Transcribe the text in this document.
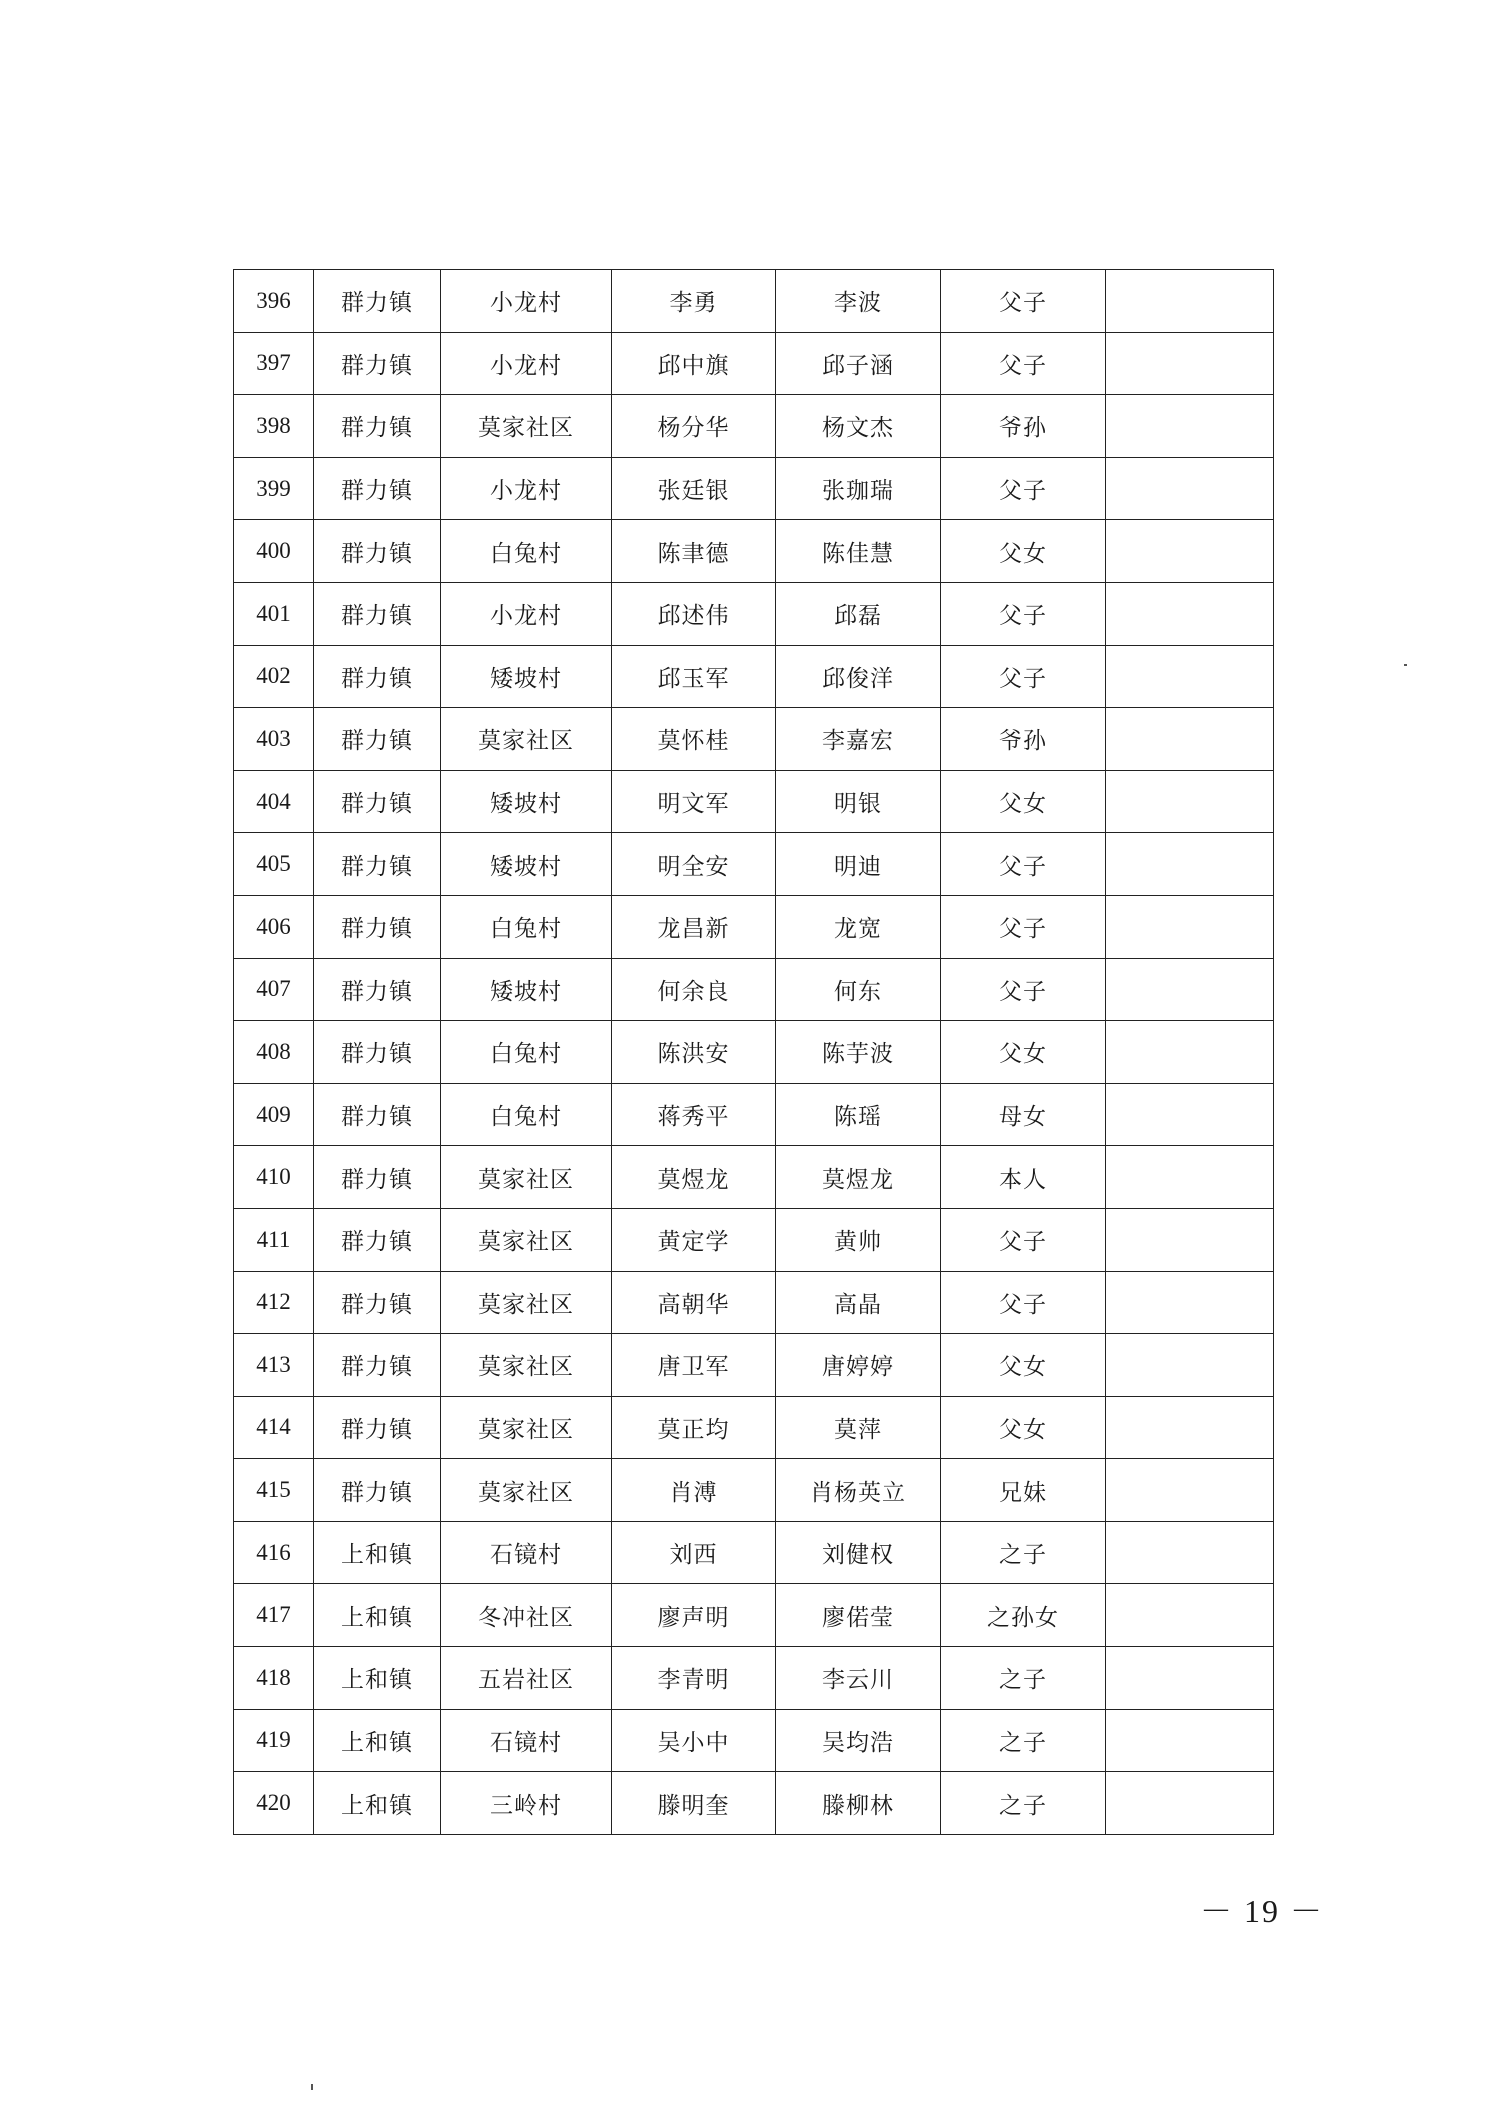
396	群力镇	小龙村	李勇	李波	父子	
397	群力镇	小龙村	邱中旗	邱子涵	父子	
398	群力镇	莫家社区	杨分华	杨文杰	爷孙	
399	群力镇	小龙村	张廷银	张珈瑞	父子	
400	群力镇	白兔村	陈聿德	陈佳慧	父女	
401	群力镇	小龙村	邱述伟	邱磊	父子	
402	群力镇	矮坡村	邱玉军	邱俊洋	父子	
403	群力镇	莫家社区	莫怀桂	李嘉宏	爷孙	
404	群力镇	矮坡村	明文军	明银	父女	
405	群力镇	矮坡村	明全安	明迪	父子	
406	群力镇	白兔村	龙昌新	龙宽	父子	
407	群力镇	矮坡村	何余良	何东	父子	
408	群力镇	白兔村	陈洪安	陈芋波	父女	
409	群力镇	白兔村	蒋秀平	陈瑶	母女	
410	群力镇	莫家社区	莫煜龙	莫煜龙	本人	
411	群力镇	莫家社区	黄定学	黄帅	父子	
412	群力镇	莫家社区	高朝华	高晶	父子	
413	群力镇	莫家社区	唐卫军	唐婷婷	父女	
414	群力镇	莫家社区	莫正均	莫萍	父女	
415	群力镇	莫家社区	肖溥	肖杨英立	兄妹	
416	上和镇	石镜村	刘西	刘健权	之子	
417	上和镇	冬冲社区	廖声明	廖偌莹	之孙女	
418	上和镇	五岩社区	李青明	李云川	之子	
419	上和镇	石镜村	吴小中	吴均浩	之子	
420	上和镇	三岭村	滕明奎	滕柳林	之子	
－ 19 －
